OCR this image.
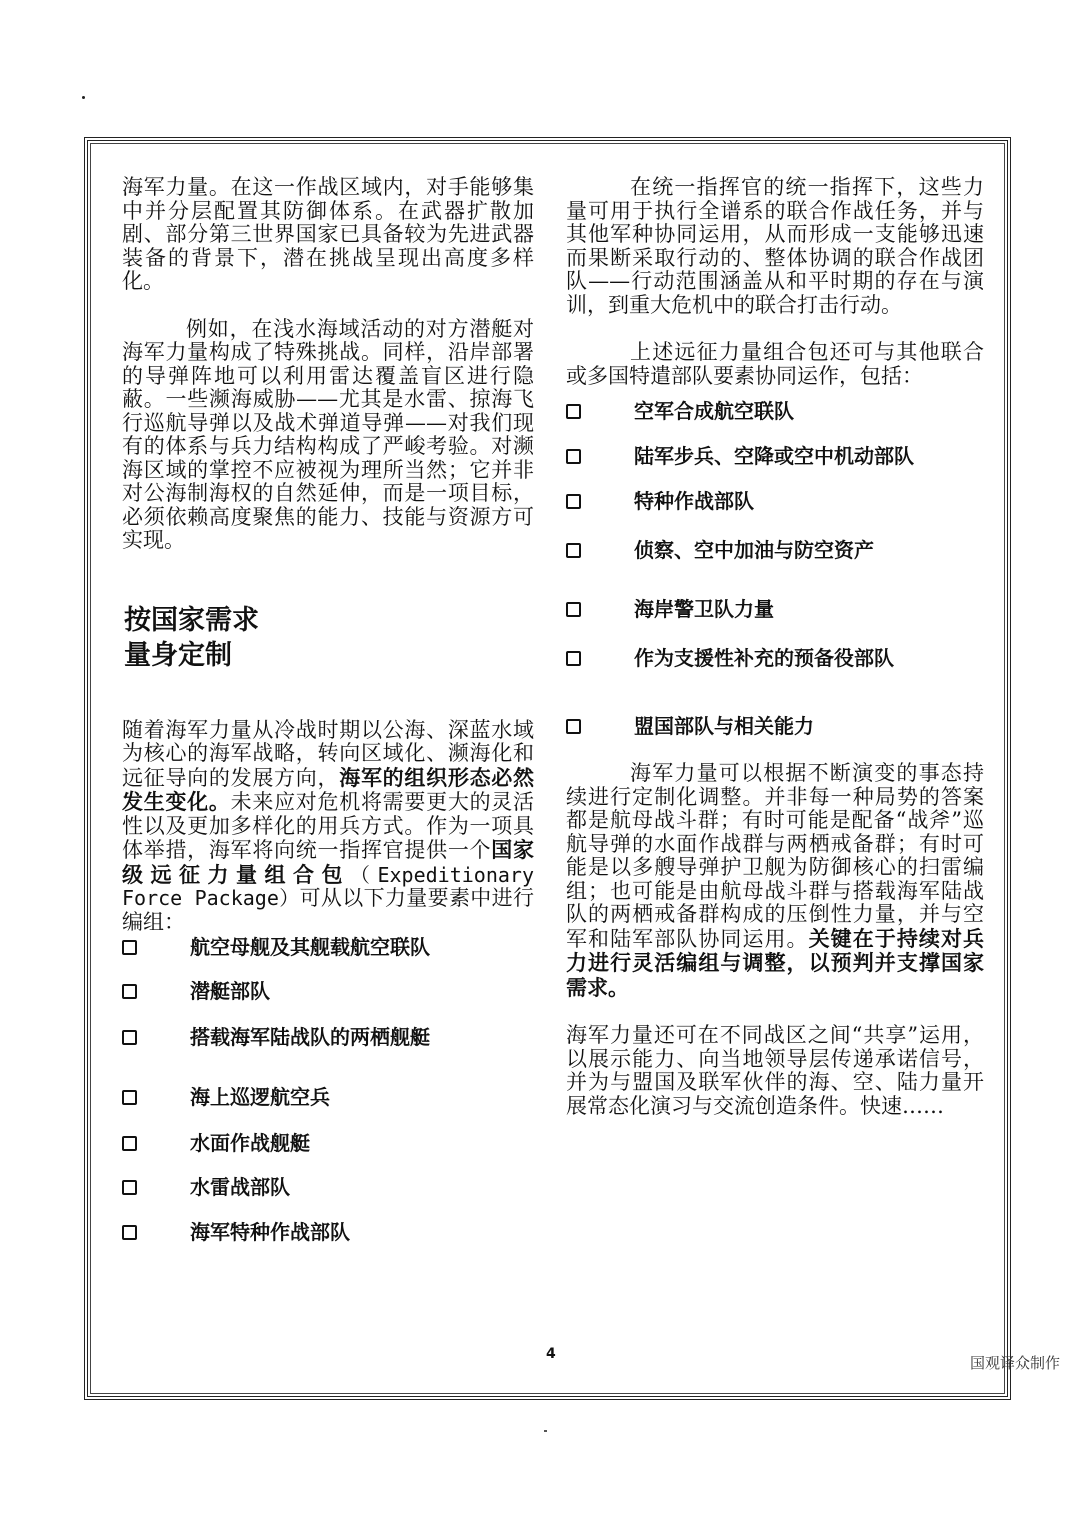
海军力量。在这一作战区域内，对手能够集中并分层配置其防御体系。在武器扩散加剧、部分第三世界国家已具备较为先进武器装备的背景下，潜在挑战呈现出高度多样化。

例如，在浅水海域活动的对方潜艇对海军力量构成了特殊挑战。同样，沿岸部署的导弹阵地可以利用雷达覆盖盲区进行隐蔽。一些濒海威胁——尤其是水雷、掠海飞行巡航导弹以及战术弹道导弹——对我们现有的体系与兵力结构构成了严峻考验。对濒海区域的掌控不应被视为理所当然；它并非对公海制海权的自然延伸，而是一项目标，必须依赖高度聚焦的能力、技能与资源方可实现。

按国家需求
量身定制

随着海军力量从冷战时期以公海、深蓝水域为核心的海军战略，转向区域化、濒海化和远征导向的发展方向，海军的组织形态必然发生变化。未来应对危机将需要更大的灵活性以及更加多样化的用兵方式。作为一项具体举措，海军将向统一指挥官提供一个国家级远征力量组合包（Expeditionary Force Package）可从以下力量要素中进行编组：

航空母舰及其舰载航空联队
潜艇部队
搭载海军陆战队的两栖舰艇
海上巡逻航空兵
水面作战舰艇
水雷战部队
海军特种作战部队

在统一指挥官的统一指挥下，这些力量可用于执行全谱系的联合作战任务，并与其他军种协同运用，从而形成一支能够迅速而果断采取行动的、整体协调的联合作战团队——行动范围涵盖从和平时期的存在与演训，到重大危机中的联合打击行动。

上述远征力量组合包还可与其他联合或多国特遣部队要素协同运作，包括：

空军合成航空联队
陆军步兵、空降或空中机动部队
特种作战部队
侦察、空中加油与防空资产
海岸警卫队力量
作为支援性补充的预备役部队
盟国部队与相关能力

海军力量可以根据不断演变的事态持续进行定制化调整。并非每一种局势的答案都是航母战斗群；有时可能是配备“战斧”巡航导弹的水面作战群与两栖戒备群；有时可能是以多艘导弹护卫舰为防御核心的扫雷编组；也可能是由航母战斗群与搭载海军陆战队的两栖戒备群构成的压倒性力量，并与空军和陆军部队协同运用。关键在于持续对兵力进行灵活编组与调整，以预判并支撑国家需求。

海军力量还可在不同战区之间“共享”运用，以展示能力、向当地领导层传递承诺信号，并为与盟国及联军伙伴的海、空、陆力量开展常态化演习与交流创造条件。快速……

4	国观译众制作
